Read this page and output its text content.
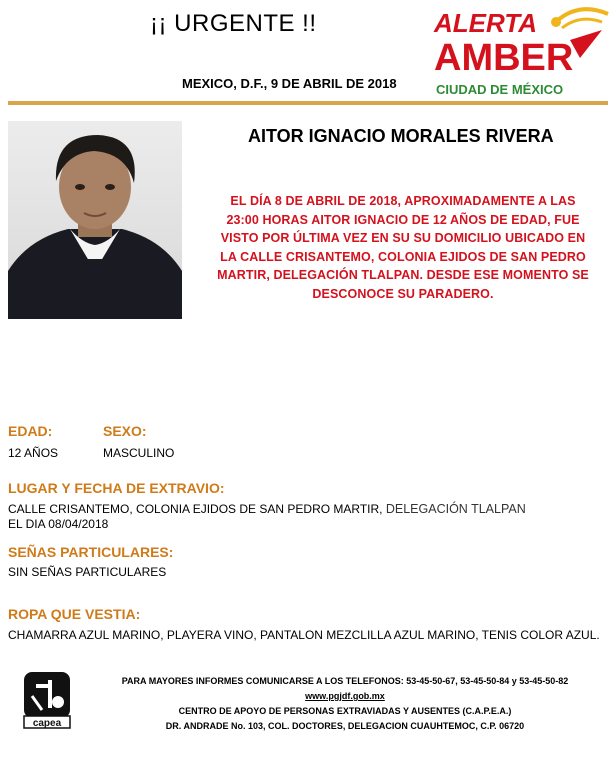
¡¡ URGENTE !!
MEXICO, D.F., 9 DE ABRIL DE 2018
ALERTA
AMBER
CIUDAD DE MÉXICO
AITOR IGNACIO MORALES RIVERA
EL DÍA 8 DE ABRIL DE 2018, APROXIMADAMENTE A LAS 23:00 HORAS AITOR IGNACIO DE 12 AÑOS DE EDAD, FUE VISTO POR ÚLTIMA VEZ EN SU SU DOMICILIO UBICADO EN LA CALLE CRISANTEMO, COLONIA EJIDOS DE SAN PEDRO MARTIR, DELEGACIÓN TLALPAN. DESDE ESE MOMENTO SE DESCONOCE SU PARADERO.
EDAD:
12 AÑOS
SEXO:
MASCULINO
LUGAR Y FECHA DE EXTRAVIO:
CALLE CRISANTEMO, COLONIA EJIDOS DE SAN PEDRO MARTIR, DELEGACIÓN TLALPAN
EL DIA 08/04/2018
SEÑAS PARTICULARES:
SIN SEÑAS PARTICULARES
ROPA QUE VESTIA:
CHAMARRA AZUL MARINO, PLAYERA VINO, PANTALON MEZCLILLA AZUL MARINO, TENIS COLOR AZUL.
capea
PARA MAYORES INFORMES COMUNICARSE A LOS TELEFONOS: 53-45-50-67, 53-45-50-84 y 53-45-50-82
www.pgjdf.gob.mx
CENTRO DE APOYO DE PERSONAS EXTRAVIADAS Y AUSENTES (C.A.P.E.A.)
DR. ANDRADE No. 103, COL. DOCTORES, DELEGACION CUAUHTEMOC, C.P. 06720
